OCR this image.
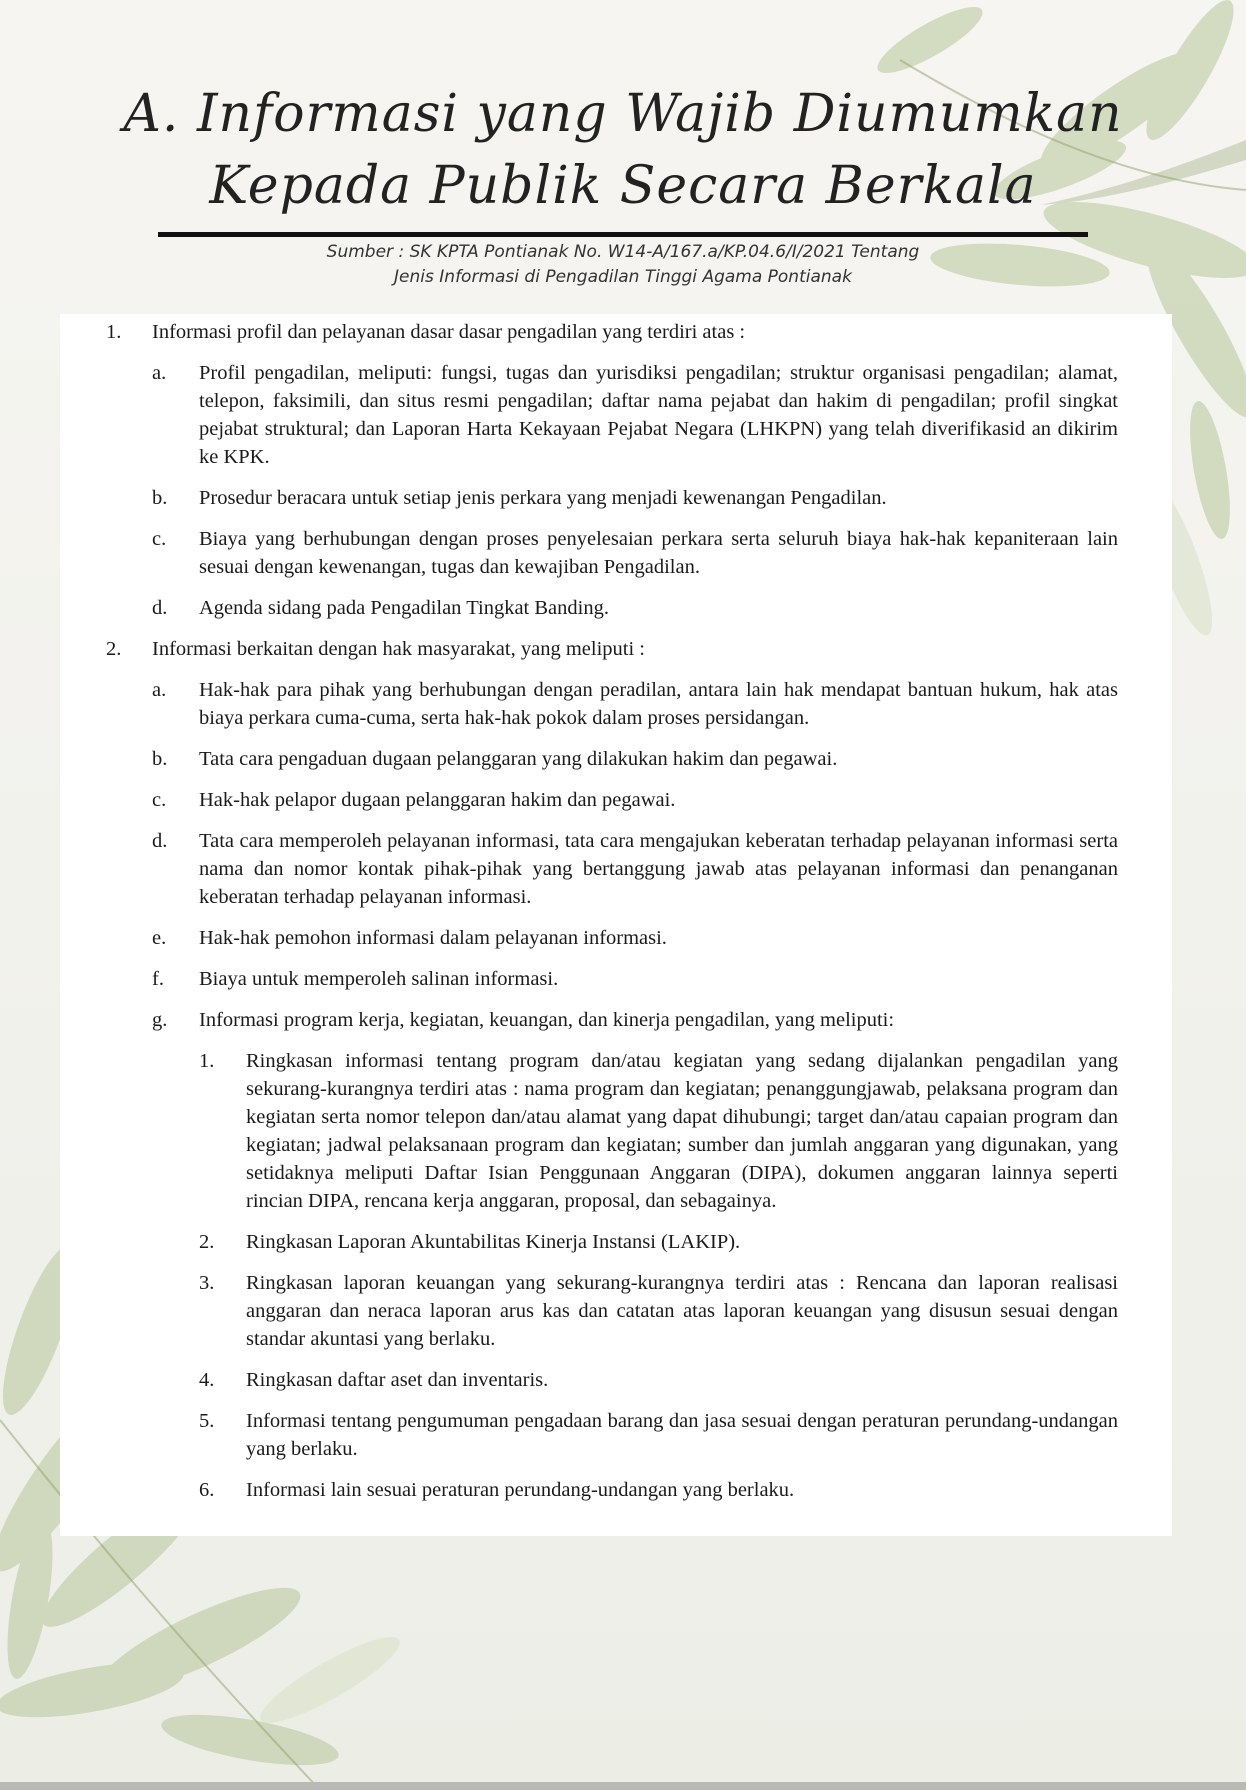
A. Informasi yang Wajib Diumumkan
Kepada Publik Secara Berkala
Sumber : SK KPTA Pontianak No. W14-A/167.a/KP.04.6/I/2021 Tentang
Jenis Informasi di Pengadilan Tinggi Agama Pontianak
1.	Informasi profil dan pelayanan dasar dasar pengadilan yang terdiri atas :
a.	Profil pengadilan, meliputi: fungsi, tugas dan yurisdiksi pengadilan; struktur organisasi pengadilan; alamat, telepon, faksimili, dan situs resmi pengadilan; daftar nama pejabat dan hakim di pengadilan; profil singkat pejabat struktural; dan Laporan Harta Kekayaan Pejabat Negara (LHKPN) yang telah diverifikasid an dikirim ke KPK.
b.	Prosedur beracara untuk setiap jenis perkara yang menjadi kewenangan Pengadilan.
c.	Biaya yang berhubungan dengan proses penyelesaian perkara serta seluruh biaya hak-hak kepaniteraan lain sesuai dengan kewenangan, tugas dan kewajiban Pengadilan.
d.	Agenda sidang pada Pengadilan Tingkat Banding.
2.	Informasi berkaitan dengan hak masyarakat, yang meliputi :
a.	Hak-hak para pihak yang berhubungan dengan peradilan, antara lain hak mendapat bantuan hukum, hak atas biaya perkara cuma-cuma, serta hak-hak pokok dalam proses persidangan.
b.	Tata cara pengaduan dugaan pelanggaran yang dilakukan hakim dan pegawai.
c.	Hak-hak pelapor dugaan pelanggaran hakim dan pegawai.
d.	Tata cara memperoleh pelayanan informasi, tata cara mengajukan keberatan terhadap pelayanan informasi serta nama dan nomor kontak pihak-pihak yang bertanggung jawab atas pelayanan informasi dan penanganan keberatan terhadap pelayanan informasi.
e.	Hak-hak pemohon informasi dalam pelayanan informasi.
f.	Biaya untuk memperoleh salinan informasi.
g.	Informasi program kerja, kegiatan, keuangan, dan kinerja pengadilan, yang meliputi:
1.	Ringkasan informasi tentang program dan/atau kegiatan yang sedang dijalankan pengadilan yang sekurang-kurangnya terdiri atas : nama program dan kegiatan; penanggungjawab, pelaksana program dan kegiatan serta nomor telepon dan/atau alamat yang dapat dihubungi; target dan/atau capaian program dan kegiatan; jadwal pelaksanaan program dan kegiatan; sumber dan jumlah anggaran yang digunakan, yang setidaknya meliputi Daftar Isian Penggunaan Anggaran (DIPA), dokumen anggaran lainnya seperti rincian DIPA, rencana kerja anggaran, proposal, dan sebagainya.
2.	Ringkasan Laporan Akuntabilitas Kinerja Instansi (LAKIP).
3.	Ringkasan laporan keuangan yang sekurang-kurangnya terdiri atas : Rencana dan laporan realisasi anggaran dan neraca laporan arus kas dan catatan atas laporan keuangan yang disusun sesuai dengan standar akuntasi yang berlaku.
4.	Ringkasan daftar aset dan inventaris.
5.	Informasi tentang pengumuman pengadaan barang dan jasa sesuai dengan peraturan perundang-undangan yang berlaku.
6.	Informasi lain sesuai peraturan perundang-undangan yang berlaku.
